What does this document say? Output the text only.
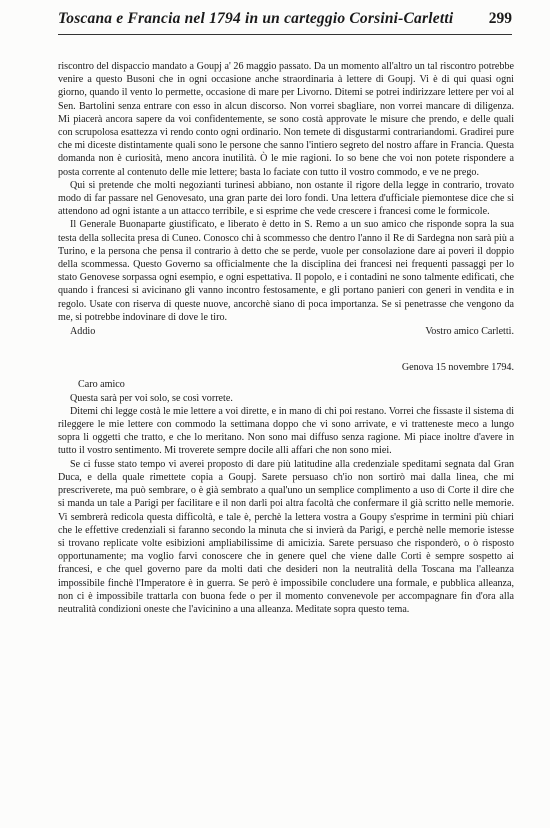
Toscana e Francia nel 1794 in un carteggio Corsini-Carletti 299

riscontro del dispaccio mandato a Goupj a' 26 maggio passato. Da un momento all'altro un tal riscontro potrebbe venire a questo Busoni che in ogni occasione anche straordinaria à lettere di Goupj. Vi è di qui quasi ogni giorno, quando il vento lo permette, occasione di mare per Livorno. Ditemi se potrei indirizzare lettere per voi al Sen. Bartolini senza entrare con esso in alcun discorso. Non vorrei sbagliare, non vorrei mancare di diligenza. Mi piacerà ancora sapere da voi confidentemente, se sono costà approvate le misure che prendo, e delle quali con scrupolosa esattezza vi rendo conto ogni ordinario. Non temete di disgustarmi contrariandomi. Gradirei pure che mi diceste distintamente quali sono le persone che sanno l'intiero segreto del nostro affare in Francia. Questa domanda non è curiosità, meno ancora inutilità. Ò le mie ragioni. Io so bene che voi non potete rispondere a posta corrente al contenuto delle mie lettere; basta lo faciate con tutto il vostro commodo, e ve ne prego.

Qui si pretende che molti negozianti turinesi abbiano, non ostante il rigore della legge in contrario, trovato modo di far passare nel Genovesato, una gran parte dei loro fondi. Una lettera d'ufficiale piemontese dice che si attendono ad ogni istante a un attacco terribile, e si esprime che vede crescere i francesi come le formicole.

Il Generale Buonaparte giustificato, e liberato è detto in S. Remo a un suo amico che risponde sopra la sua testa della sollecita presa di Cuneo. Conosco chi à scommesso che dentro l'anno il Re di Sardegna non sarà più a Turino, e la persona che pensa il contrario à detto che se perde, vuole per consolazione dare ai poveri il doppio della scommessa. Questo Governo sa officialmente che la disciplina dei francesi nei frequenti passaggi per lo stato Genovese sorpassa ogni esempio, e ogni espettativa. Il popolo, e i contadini ne sono talmente edificati, che quando i francesi si avicinano gli vanno incontro festosamente, e gli portano panieri con generi in vendita e in regolo. Usate con riserva di queste nuove, ancorchè siano di poca importanza. Se si penetrasse che vengono da me, si potrebbe indovinare di dove le tiro.

Addio	Vostro amico Carletti.
Genova 15 novembre 1794.
Caro amico

Questa sarà per voi solo, se così vorrete.

Ditemi chi legge costà le mie lettere a voi dirette, e in mano di chi poi restano. Vorrei che fissaste il sistema di rileggere le mie lettere con commodo la settimana doppo che vi sono arrivate, e vi tratteneste meco a lungo sopra li oggetti che tratto, e che lo meritano. Non sono mai diffuso senza ragione. Mi piace inoltre d'avere in tutto il vostro sentimento. Mi troverete sempre docile alli affari che non sono miei.

Se ci fusse stato tempo vi averei proposto di dare più latitudine alla credenziale speditami segnata dal Gran Duca, e della quale rimettete copia a Goupj. Sarete persuaso ch'io non sortirò mai dalla linea, che mi prescriverete, ma può sembrare, o è già sembrato a qual'uno un semplice complimento a uso di Corte il dire che si manda un tale a Parigi per facilitare e il non darli poi altra facoltà che confermare il già scritto nelle memorie. Vi sembrerà redicola questa difficoltà, e tale è, perchè la lettera vostra a Goupy s'esprime in termini più chiari che le effettive credenziali si faranno secondo la minuta che si invierà da Parigi, e perchè nelle memorie istesse si trovano replicate volte esibizioni ampliabilissime di amicizia. Sarete persuaso che risponderò, o ò risposto opportunamente; ma voglio farvi conoscere che in genere quel che viene dalle Corti è sempre sospetto ai francesi, e che quel governo pare da molti dati che desideri non la neutralità della Toscana ma l'alleanza impossibile finchè l'Imperatore è in guerra. Se però è impossibile concludere una formale, e pubblica alleanza, non ci è impossibile trattarla con buona fede o per il momento convenevole per accompagnare fin d'ora alla neutralità condizioni oneste che l'avicinino a una alleanza. Meditate sopra questo tema.
